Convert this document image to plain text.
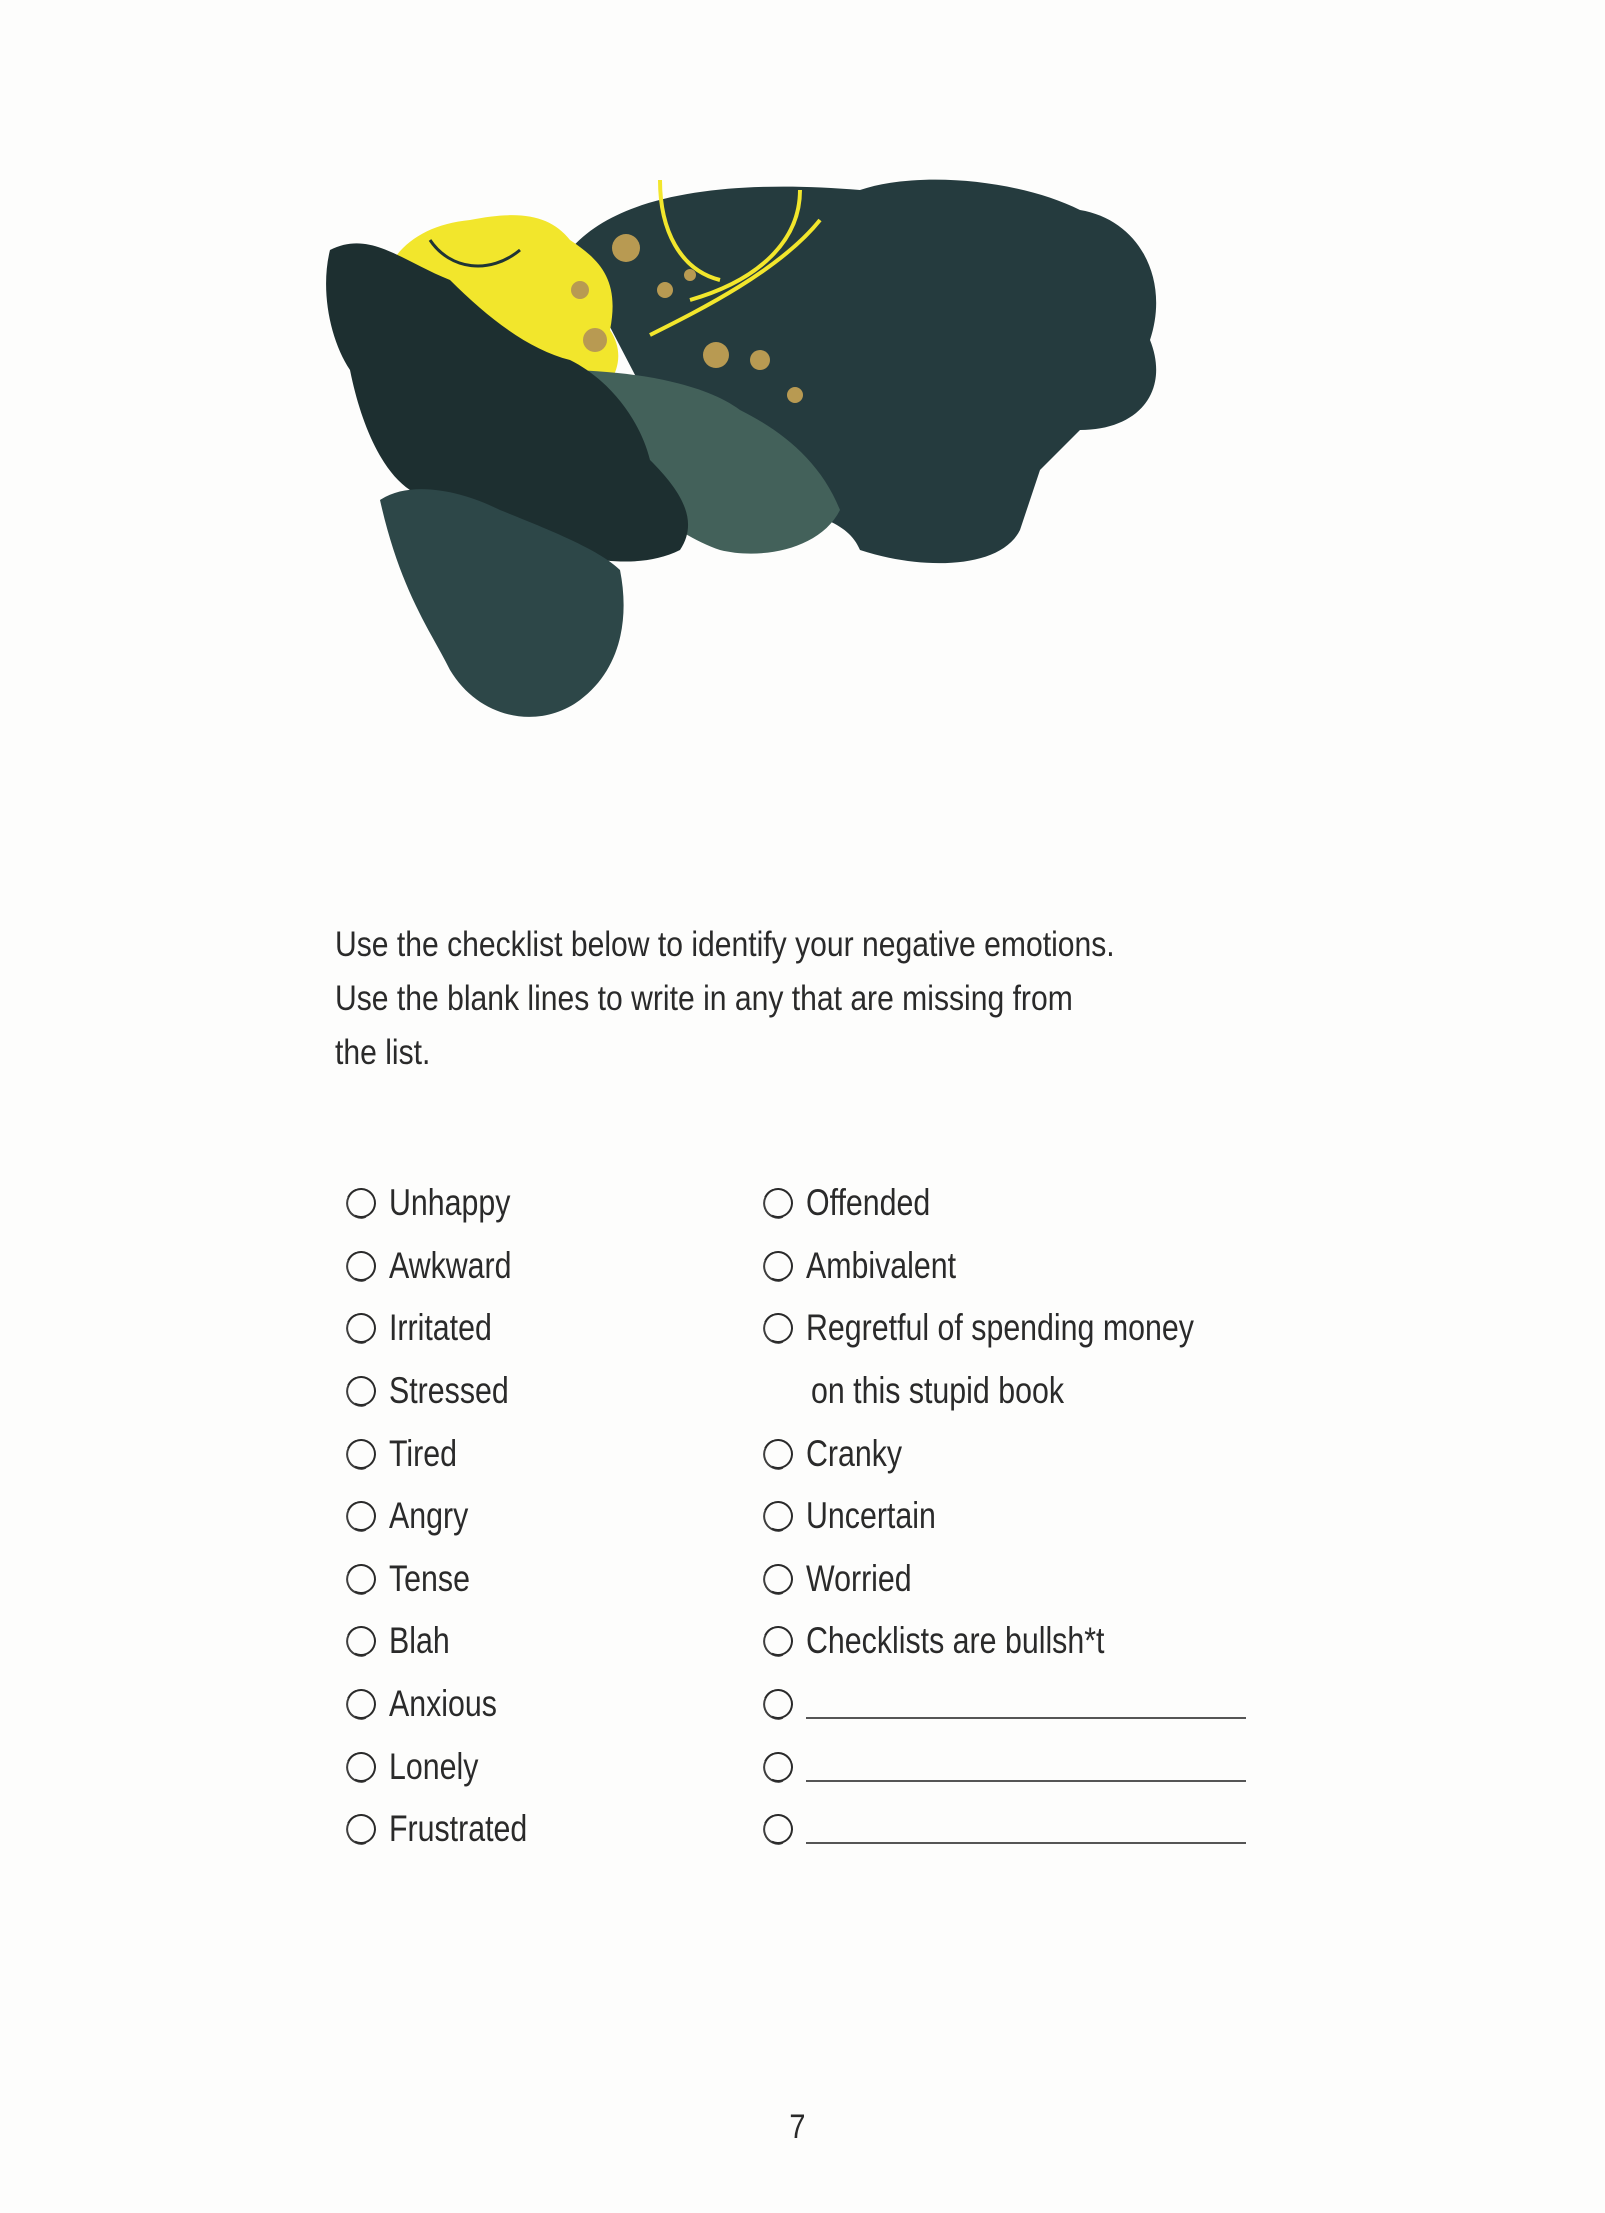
Use the checklist below to identify your negative emotions.
Use the blank lines to write in any that are missing from
the list.
Unhappy
Awkward
Irritated
Stressed
Tired
Angry
Tense
Blah
Anxious
Lonely
Frustrated
Offended
Ambivalent
Regretful of spending money
on this stupid book
Cranky
Uncertain
Worried
Checklists are bullsh*t
7
